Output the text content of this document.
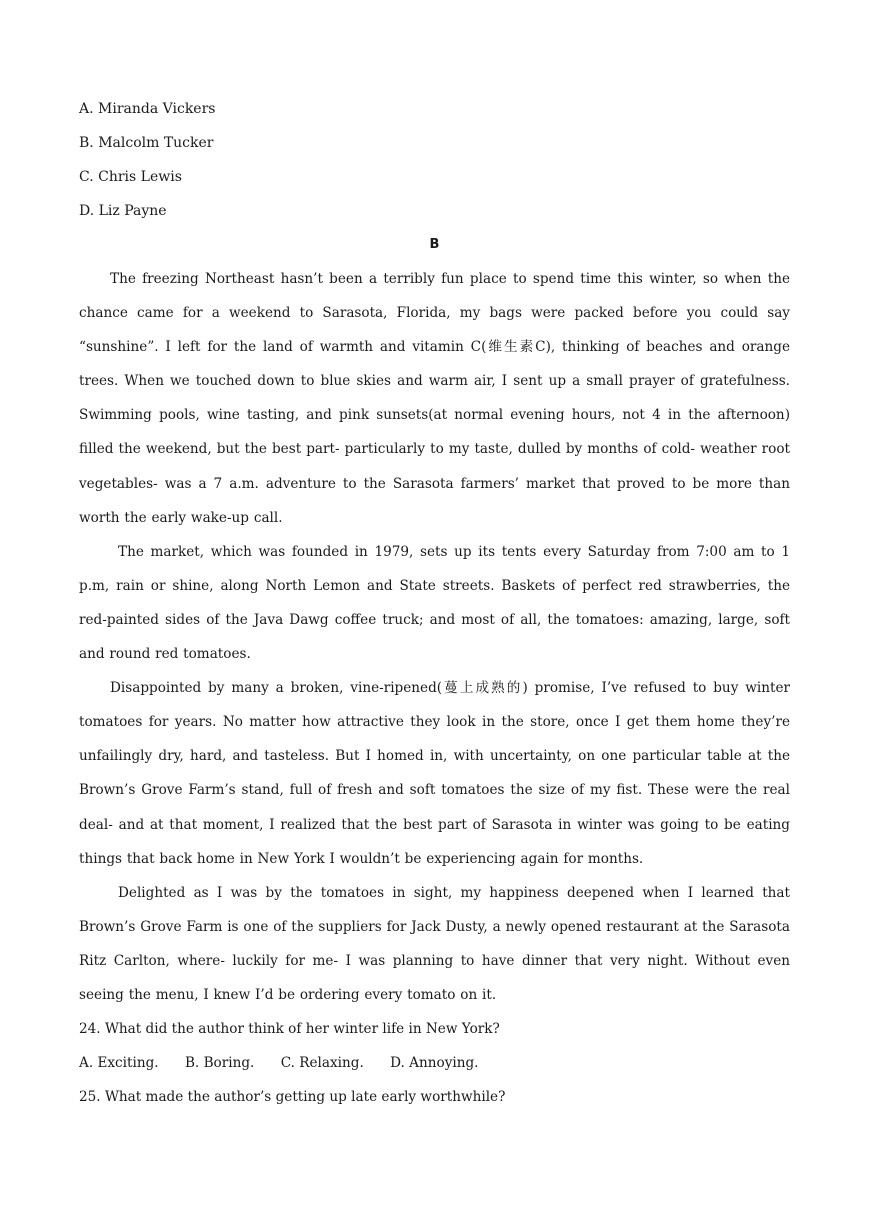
A. Miranda Vickers

B. Malcolm Tucker

C. Chris Lewis

D. Liz Payne

B

The freezing Northeast hasn’t been a terribly fun place to spend time this winter, so when the chance came for a weekend to Sarasota, Florida, my bags were packed before you could say “sunshine”. I left for the land of warmth and vitamin C(维生素C), thinking of beaches and orange trees. When we touched down to blue skies and warm air, I sent up a small prayer of gratefulness. Swimming pools, wine tasting, and pink sunsets(at normal evening hours, not 4 in the afternoon) filled the weekend, but the best part- particularly to my taste, dulled by months of cold- weather root vegetables- was a 7 a.m. adventure to the Sarasota farmers’ market that proved to be more than worth the early wake-up call.

The market, which was founded in 1979, sets up its tents every Saturday from 7:00 am to 1 p.m, rain or shine, along North Lemon and State streets. Baskets of perfect red strawberries, the red-painted sides of the Java Dawg coffee truck; and most of all, the tomatoes: amazing, large, soft and round red tomatoes.

Disappointed by many a broken, vine-ripened(蔓上成熟的) promise, I’ve refused to buy winter tomatoes for years. No matter how attractive they look in the store, once I get them home they’re unfailingly dry, hard, and tasteless. But I homed in, with uncertainty, on one particular table at the Brown’s Grove Farm’s stand, full of fresh and soft tomatoes the size of my fist. These were the real deal- and at that moment, I realized that the best part of Sarasota in winter was going to be eating things that back home in New York I wouldn’t be experiencing again for months.

Delighted as I was by the tomatoes in sight, my happiness deepened when I learned that Brown’s Grove Farm is one of the suppliers for Jack Dusty, a newly opened restaurant at the Sarasota Ritz Carlton, where- luckily for me- I was planning to have dinner that very night. Without even seeing the menu, I knew I’d be ordering every tomato on it.

24. What did the author think of her winter life in New York?

A. Exciting. B. Boring. C. Relaxing. D. Annoying.

25. What made the author’s getting up late early worthwhile?
